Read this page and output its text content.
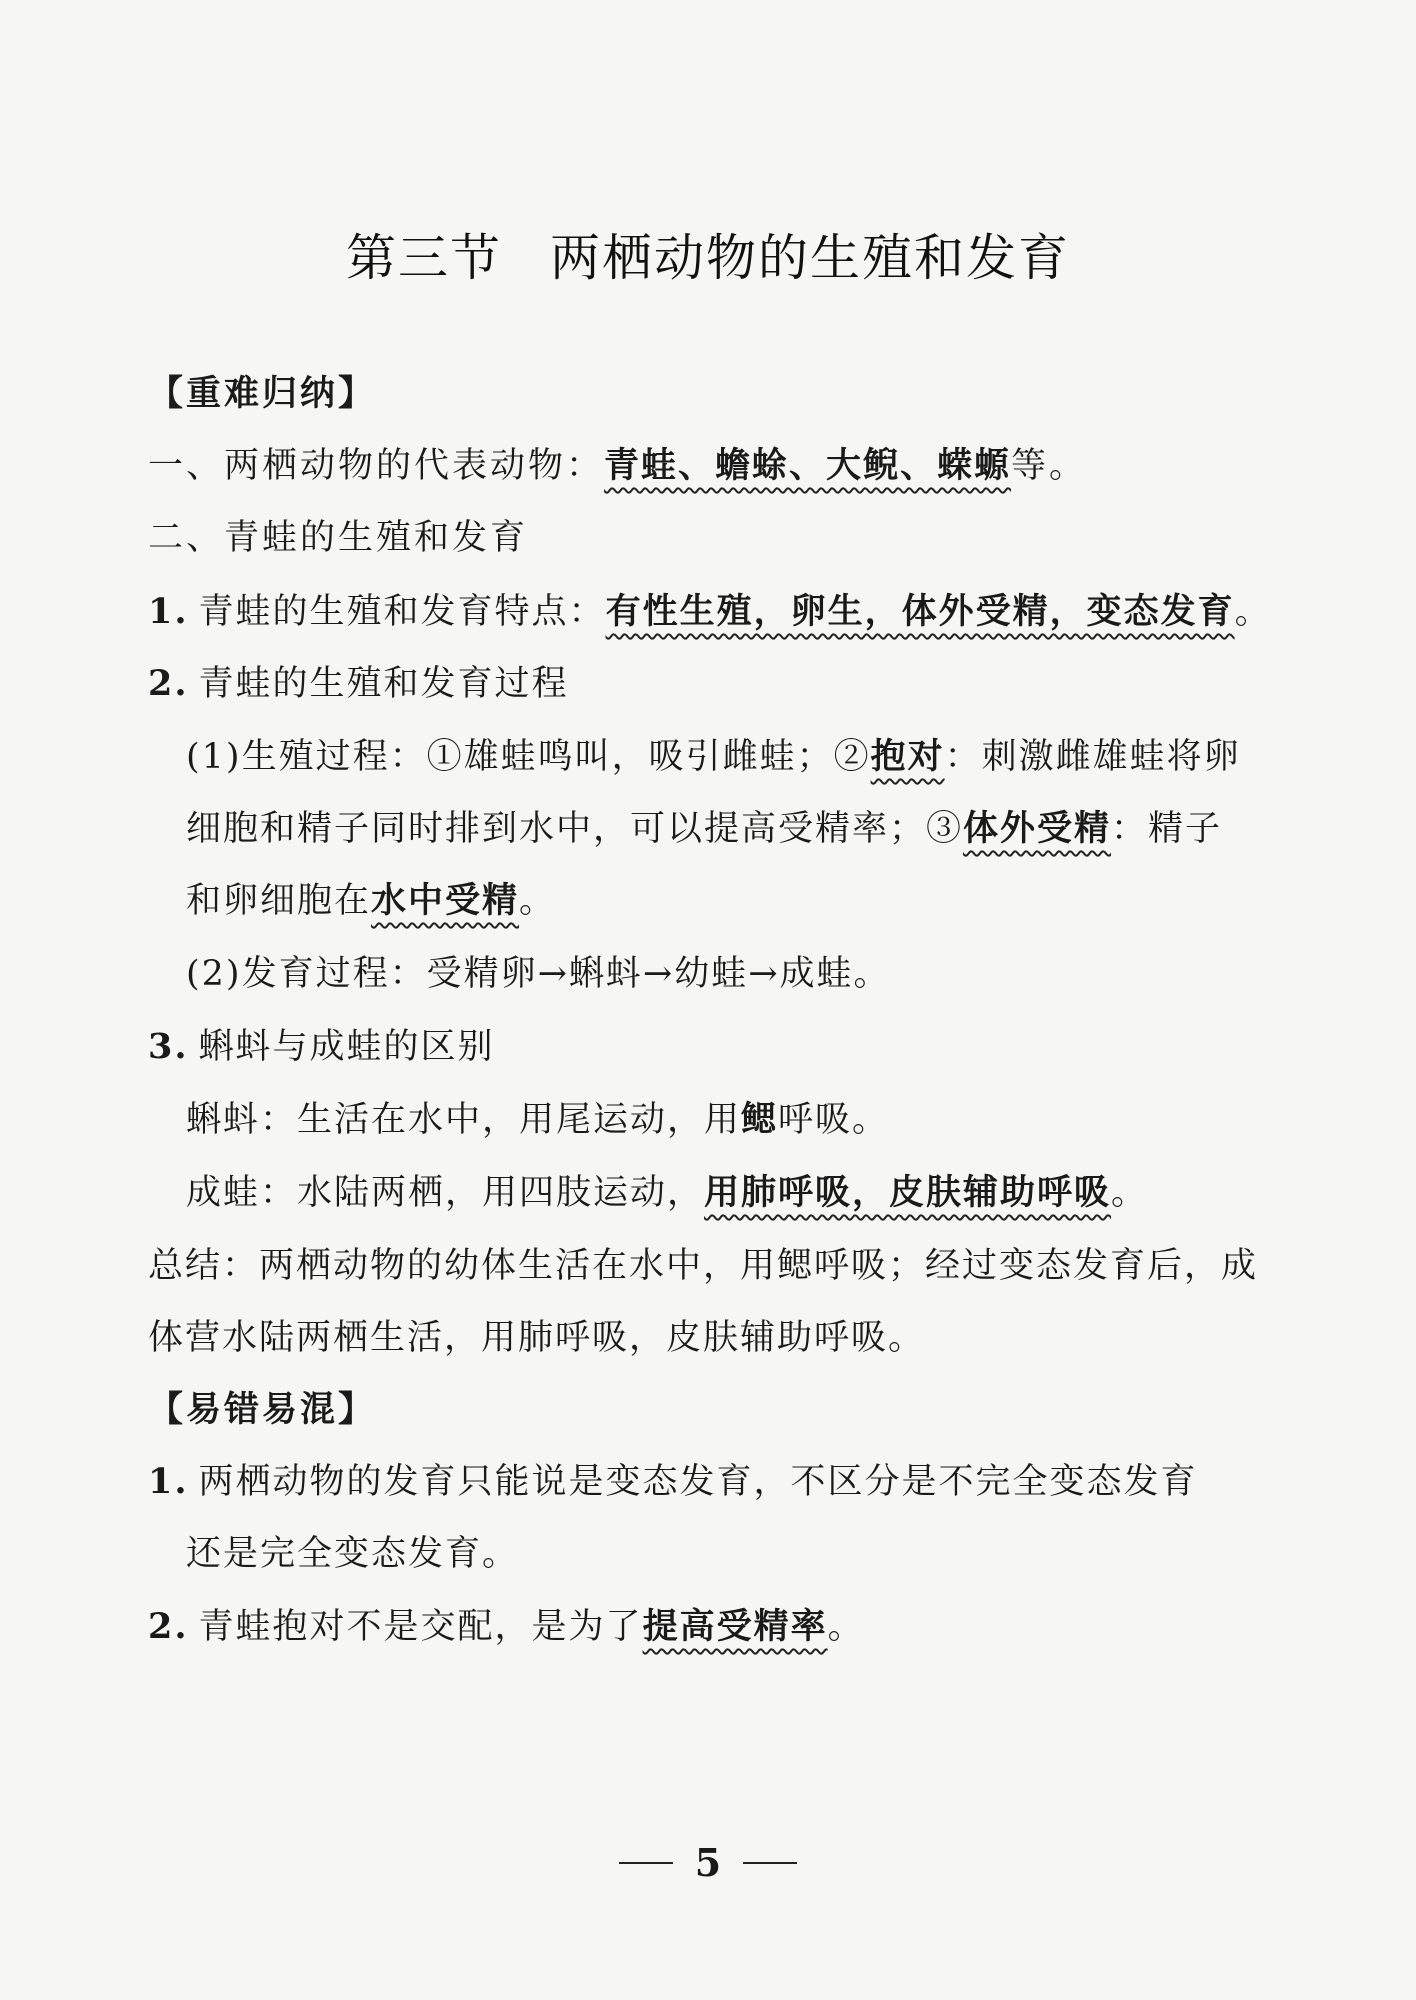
第三节 两栖动物的生殖和发育
【重难归纳】
一、两栖动物的代表动物：青蛙、蟾蜍、大鲵、蝾螈等。
二、青蛙的生殖和发育
1. 青蛙的生殖和发育特点：有性生殖，卵生，体外受精，变态发育。
2. 青蛙的生殖和发育过程
(1)生殖过程：①雄蛙鸣叫，吸引雌蛙；②抱对：刺激雌雄蛙将卵
细胞和精子同时排到水中，可以提高受精率；③体外受精：精子
和卵细胞在水中受精。
(2)发育过程：受精卵→蝌蚪→幼蛙→成蛙。
3. 蝌蚪与成蛙的区别
蝌蚪：生活在水中，用尾运动，用鳃呼吸。
成蛙：水陆两栖，用四肢运动，用肺呼吸，皮肤辅助呼吸。
总结：两栖动物的幼体生活在水中，用鳃呼吸；经过变态发育后，成
体营水陆两栖生活，用肺呼吸，皮肤辅助呼吸。
【易错易混】
1. 两栖动物的发育只能说是变态发育，不区分是不完全变态发育
还是完全变态发育。
2. 青蛙抱对不是交配，是为了提高受精率。
5
